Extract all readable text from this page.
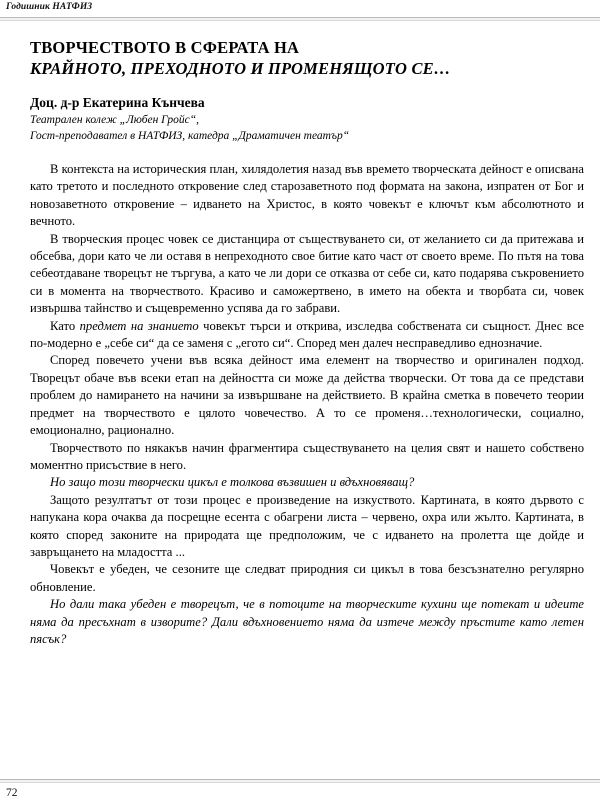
Годишник НАТФИЗ
ТВОРЧЕСТВОТО В СФЕРАТА НА
КРАЙНОТО, ПРЕХОДНОТО И ПРОМЕНЯЩОТО СЕ…
Доц. д-р Екатерина Кънчева
Театрален колеж „Любен Гройс“,
Гост-преподавател в НАТФИЗ, катедра „Драматичен театър“

В контекста на историческия план, хилядолетия назад във времето творческата дейност е описвана като третото и последното откровение след старозаветното под формата на закона, изпратен от Бог и новозаветното откровение – идването на Христос, в която човекът е ключът към абсолютното и вечното.

В творческия процес човек се дистанцира от съществуването си, от желанието си да притежава и обсебва, дори като че ли оставя в непреходното свое битие като част от своето време. По пътя на това себеотдаване творецът не търгува, а като че ли дори се отказва от себе си, като подарява съкровението си в момента на творчеството. Красиво и саможертвено, в името на обекта и творбата си, човек извършва тайнство и същевременно успява да го забрави.

Като предмет на знанието човекът търси и открива, изследва собствената си същност. Днес все по-модерно е „себе си“ да се заменя с „егото си“. Според мен далеч несправедливо еднозначие.

Според повечето учени във всяка дейност има елемент на творчество и оригинален подход. Творецът обаче във всеки етап на дейността си може да действа творчески. От това да се представи проблем до намирането на начини за извършване на действието. В крайна сметка в повечето теории предмет на творчеството е цялото човечество. А то се променя…технологически, социално, емоционално, рационално.

Творчеството по някакъв начин фрагментира съществуването на целия свят и нашето собствено моментно присъствие в него.

Но защо този творчески цикъл е толкова възвишен и вдъхновяващ?

Защото резултатът от този процес е произведение на изкуството. Картината, в която дървото с напукана кора очаква да посрещне есента с обагрени листа – червено, охра или жълто. Картината, в която според законите на природата ще предположим, че с идването на пролетта ще дойде и завръщането на младостта ...

Човекът е убеден, че сезоните ще следват природния си цикъл в това безсъзнателно регулярно обновление.

Но дали така убеден е творецът, че в потоците на творческите кухини ще потекат и идеите няма да пресъхнат в изворите? Дали вдъхновението няма да изтече между пръстите като летен пясък?

72
